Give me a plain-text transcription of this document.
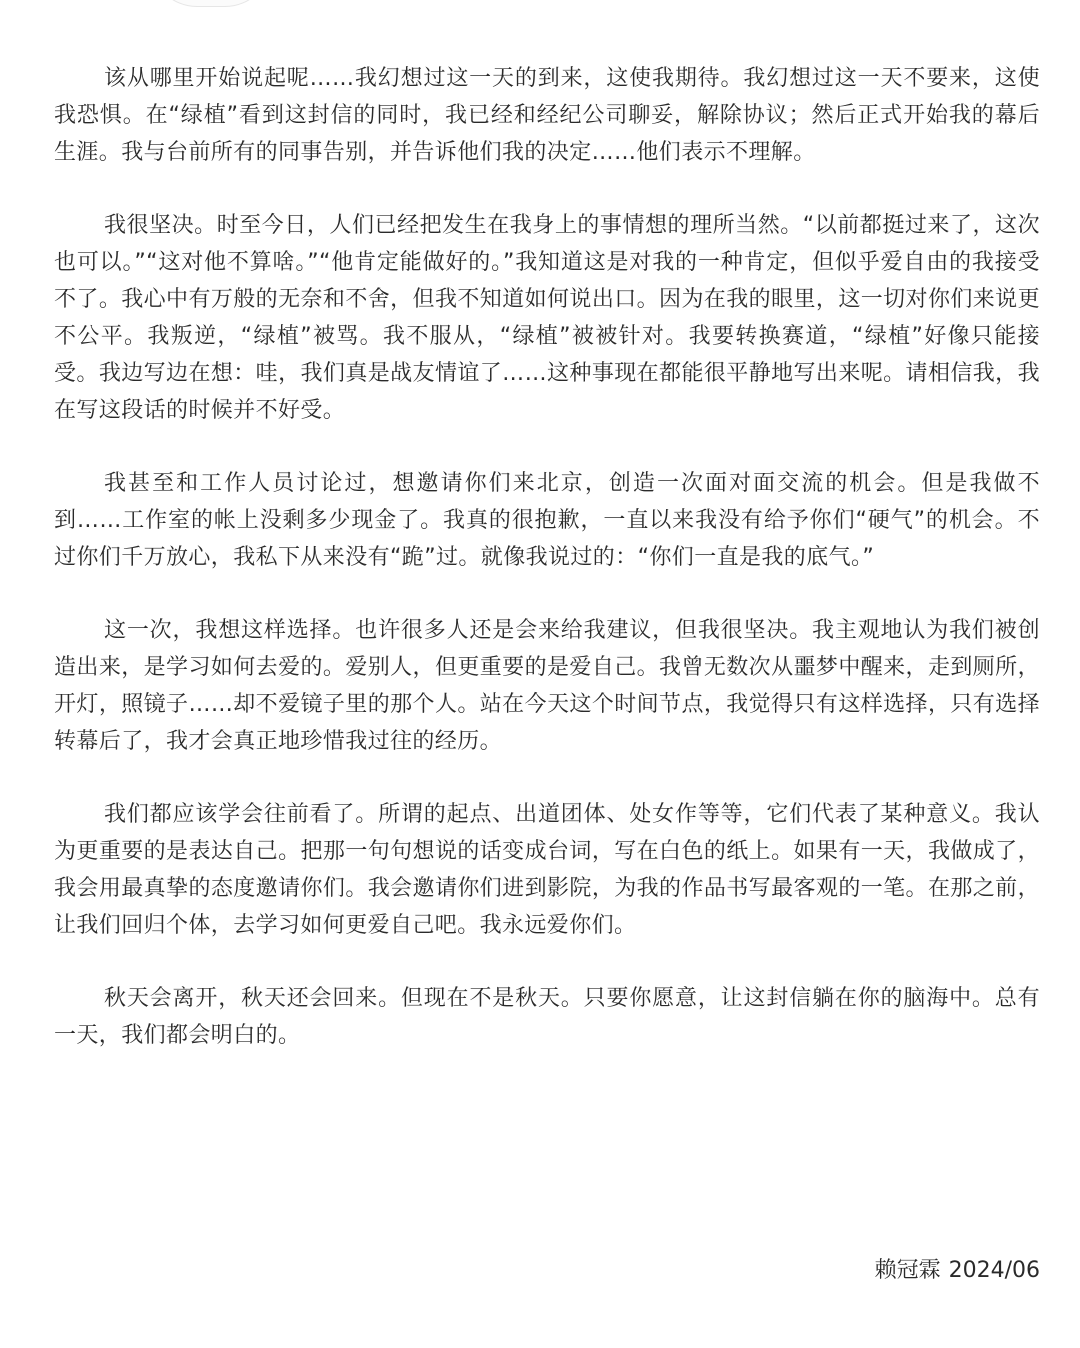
该从哪里开始说起呢……我幻想过这一天的到来，这使我期待。我幻想过这一天不要来，这使我恐惧。在“绿植”看到这封信的同时，我已经和经纪公司聊妥，解除协议；然后正式开始我的幕后生涯。我与台前所有的同事告别，并告诉他们我的决定……他们表示不理解。

我很坚决。时至今日，人们已经把发生在我身上的事情想的理所当然。“以前都挺过来了，这次也可以。”“这对他不算啥。”“他肯定能做好的。”我知道这是对我的一种肯定，但似乎爱自由的我接受不了。我心中有万般的无奈和不舍，但我不知道如何说出口。因为在我的眼里，这一切对你们来说更不公平。我叛逆，“绿植”被骂。我不服从，“绿植”被被针对。我要转换赛道，“绿植”好像只能接受。我边写边在想：哇，我们真是战友情谊了……这种事现在都能很平静地写出来呢。请相信我，我在写这段话的时候并不好受。

我甚至和工作人员讨论过，想邀请你们来北京，创造一次面对面交流的机会。但是我做不到……工作室的帐上没剩多少现金了。我真的很抱歉，一直以来我没有给予你们“硬气”的机会。不过你们千万放心，我私下从来没有“跪”过。就像我说过的：“你们一直是我的底气。”

这一次，我想这样选择。也许很多人还是会来给我建议，但我很坚决。我主观地认为我们被创造出来，是学习如何去爱的。爱别人，但更重要的是爱自己。我曾无数次从噩梦中醒来，走到厕所，开灯，照镜子……却不爱镜子里的那个人。站在今天这个时间节点，我觉得只有这样选择，只有选择转幕后了，我才会真正地珍惜我过往的经历。

我们都应该学会往前看了。所谓的起点、出道团体、处女作等等，它们代表了某种意义。我认为更重要的是表达自己。把那一句句想说的话变成台词，写在白色的纸上。如果有一天，我做成了，我会用最真挚的态度邀请你们。我会邀请你们进到影院，为我的作品书写最客观的一笔。在那之前，让我们回归个体，去学习如何更爱自己吧。我永远爱你们。

秋天会离开，秋天还会回来。但现在不是秋天。只要你愿意，让这封信躺在你的脑海中。总有一天，我们都会明白的。

赖冠霖 2024/06
